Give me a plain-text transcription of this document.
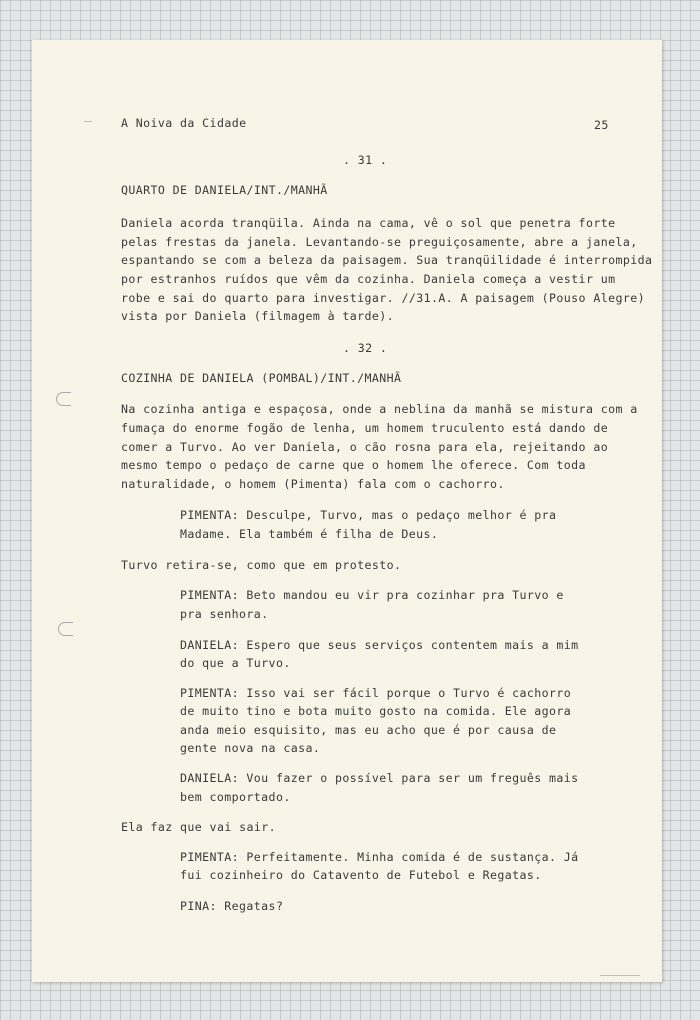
A Noiva da Cidade	25

. 31 .

QUARTO DE DANIELA/INT./MANHÃ

Daniela acorda tranqüila. Ainda na cama, vê o sol que penetra forte

pelas frestas da janela. Levantando-se preguiçosamente, abre a janela,

espantando se com a beleza da paisagem. Sua tranqüilidade é interrompida

por estranhos ruídos que vêm da cozinha. Daniela começa a vestir um

robe e sai do quarto para investigar. //31.A. A paisagem (Pouso Alegre)

vista por Daniela (filmagem à tarde).

. 32 .

COZINHA DE DANIELA (POMBAL)/INT./MANHÃ

Na cozinha antiga e espaçosa, onde a neblina da manhã se mistura com a

fumaça do enorme fogão de lenha, um homem truculento está dando de

comer a Turvo. Ao ver Daniela, o cão rosna para ela, rejeitando ao

mesmo tempo o pedaço de carne que o homem lhe oferece. Com toda

naturalidade, o homem (Pimenta) fala com o cachorro.

PIMENTA: Desculpe, Turvo, mas o pedaço melhor é pra

Madame. Ela também é filha de Deus.

Turvo retira-se, como que em protesto.

PIMENTA: Beto mandou eu vir pra cozinhar pra Turvo e

pra senhora.

DANIELA: Espero que seus serviços contentem mais a mim

do que a Turvo.

PIMENTA: Isso vai ser fácil porque o Turvo é cachorro

de muito tino e bota muito gosto na comida. Ele agora

anda meio esquisito, mas eu acho que é por causa de

gente nova na casa.

DANIELA: Vou fazer o possível para ser um freguês mais

bem comportado.

Ela faz que vai sair.

PIMENTA: Perfeitamente. Minha comida é de sustança. Já

fui cozinheiro do Catavento de Futebol e Regatas.

PINA: Regatas?
